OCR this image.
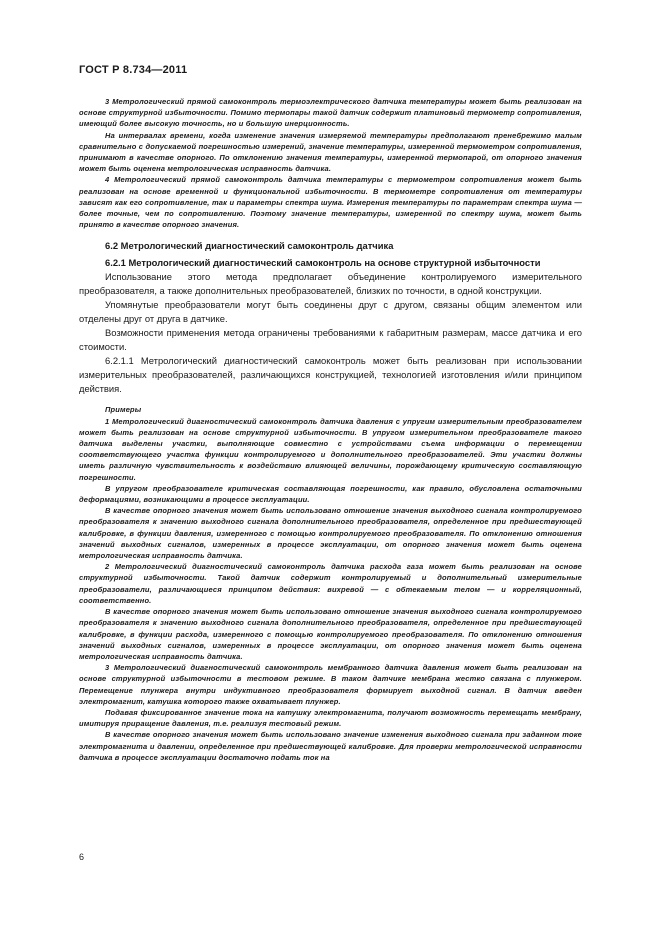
ГОСТ Р 8.734—2011

3 Метрологический прямой самоконтроль термоэлектрического датчика температуры может быть реализован на основе структурной избыточности. Помимо термопары такой датчик содержит платиновый термометр сопротивления, имеющий более высокую точность, но и большую инерционность.

На интервалах времени, когда изменение значения измеряемой температуры предполагают пренебрежимо малым сравнительно с допускаемой погрешностью измерений, значение температуры, измеренной термометром сопротивления, принимают в качестве опорного. По отклонению значения температуры, измеренной термопарой, от опорного значения может быть оценена метрологическая исправность датчика.

4 Метрологический прямой самоконтроль датчика температуры с термометром сопротивления может быть реализован на основе временной и функциональной избыточности. В термометре сопротивления от температуры зависят как его сопротивление, так и параметры спектра шума. Измерения температуры по параметрам спектра шума — более точные, чем по сопротивлению. Поэтому значение температуры, измеренной по спектру шума, может быть принято в качестве опорного значения.

6.2 Метрологический диагностический самоконтроль датчика
6.2.1 Метрологический диагностический самоконтроль на основе структурной избыточности

Использование этого метода предполагает объединение контролируемого измерительного преобразователя, а также дополнительных преобразователей, близких по точности, в одной конструкции.

Упомянутые преобразователи могут быть соединены друг с другом, связаны общим элементом или отделены друг от друга в датчике.

Возможности применения метода ограничены требованиями к габаритным размерам, массе датчика и его стоимости.

6.2.1.1 Метрологический диагностический самоконтроль может быть реализован при использовании измерительных преобразователей, различающихся конструкцией, технологией изготовления и/или принципом действия.

Примеры

1 Метрологический диагностический самоконтроль датчика давления с упругим измерительным преобразователем может быть реализован на основе структурной избыточности. В упругом измерительном преобразователе такого датчика выделены участки, выполняющие совместно с устройствами съема информации о перемещении соответствующего участка функции контролируемого и дополнительного преобразователей. Эти участки должны иметь различную чувствительность к воздействию влияющей величины, порождающему критическую составляющую погрешности.

В упругом преобразователе критическая составляющая погрешности, как правило, обусловлена остаточными деформациями, возникающими в процессе эксплуатации.

В качестве опорного значения может быть использовано отношение значения выходного сигнала контролируемого преобразователя к значению выходного сигнала дополнительного преобразователя, определенное при предшествующей калибровке, в функции давления, измеренного с помощью контролируемого преобразователя. По отклонению отношения значений выходных сигналов, измеренных в процессе эксплуатации, от опорного значения может быть оценена метрологическая исправность датчика.

2 Метрологический диагностический самоконтроль датчика расхода газа может быть реализован на основе структурной избыточности. Такой датчик содержит контролируемый и дополнительный измерительные преобразователи, различающиеся принципом действия: вихревой — с обтекаемым телом — и корреляционный, соответственно.

В качестве опорного значения может быть использовано отношение значения выходного сигнала контролируемого преобразователя к значению выходного сигнала дополнительного преобразователя, определенное при предшествующей калибровке, в функции расхода, измеренного с помощью контролируемого преобразователя. По отклонению отношения значений выходных сигналов, измеренных в процессе эксплуатации, от опорного значения может быть оценена метрологическая исправность датчика.

3 Метрологический диагностический самоконтроль мембранного датчика давления может быть реализован на основе структурной избыточности в тестовом режиме. В таком датчике мембрана жестко связана с плунжером. Перемещение плунжера внутри индуктивного преобразователя формирует выходной сигнал. В датчик введен электромагнит, катушка которого также охватывает плунжер.

Подавая фиксированное значение тока на катушку электромагнита, получают возможность перемещать мембрану, имитируя приращение давления, т.е. реализуя тестовый режим.

В качестве опорного значения может быть использовано значение изменения выходного сигнала при заданном токе электромагнита и давлении, определенное при предшествующей калибровке. Для проверки метрологической исправности датчика в процессе эксплуатации достаточно подать ток на

6
